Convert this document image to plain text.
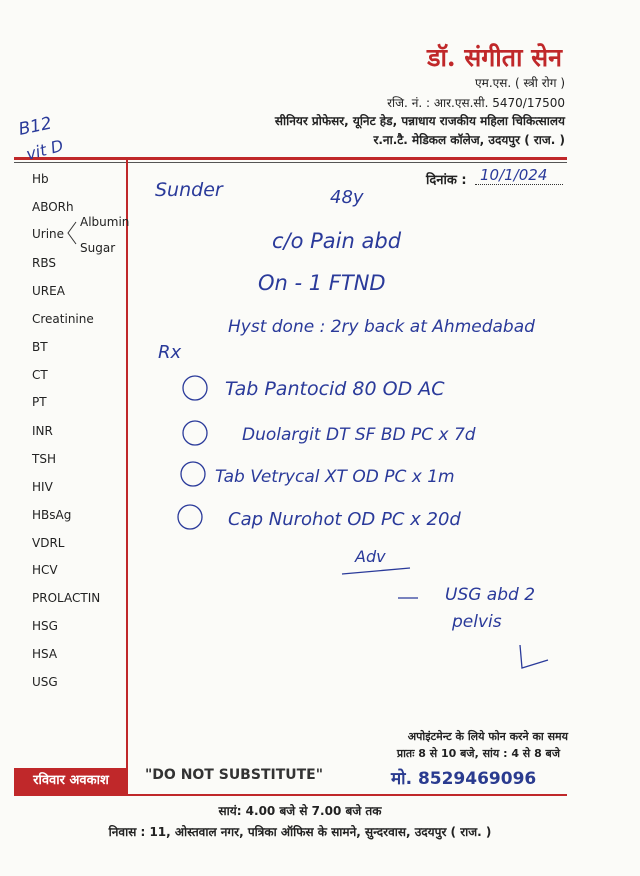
डॉ. संगीता सेन
एम.एस. ( स्त्री रोग )
रजि. नं. : आर.एस.सी. 5470/17500
सीनियर प्रोफेसर, यूनिट हेड, पन्नाधाय राजकीय महिला चिकित्सालय
र.ना.टै. मेडिकल कॉलेज, उदयपुर ( राज. )
दिनांक :
Hb
ABORh
Urine
Albumin
Sugar
RBS
UREA
Creatinine
BT
CT
PT
INR
TSH
HIV
HBsAg
VDRL
HCV
PROLACTIN
HSG
HSA
USG
B12
vit D
10/1/024
Sunder	48y
c/o Pain abd
On - 1 FTND
Hyst done : 2ry back at Ahmedabad
Rx
Tab Pantocid 80 OD AC
Duolargit DT SF BD PC x 7d
Tab Vetrycal XT OD PC x 1m
Cap Nurohot OD PC x 20d
Adv
USG abd 2
pelvis
अपोइंटमेन्ट के लिये फोन करने का समय
प्रातः 8 से 10 बजे, सांय : 4 से 8 बजे
मो. 8529469096
रविवार अवकाश	"DO NOT SUBSTITUTE"
सायं: 4.00 बजे से 7.00 बजे तक
निवास : 11, ओस्तवाल नगर, पत्रिका ऑफिस के सामने, सुन्दरवास, उदयपुर ( राज. )
